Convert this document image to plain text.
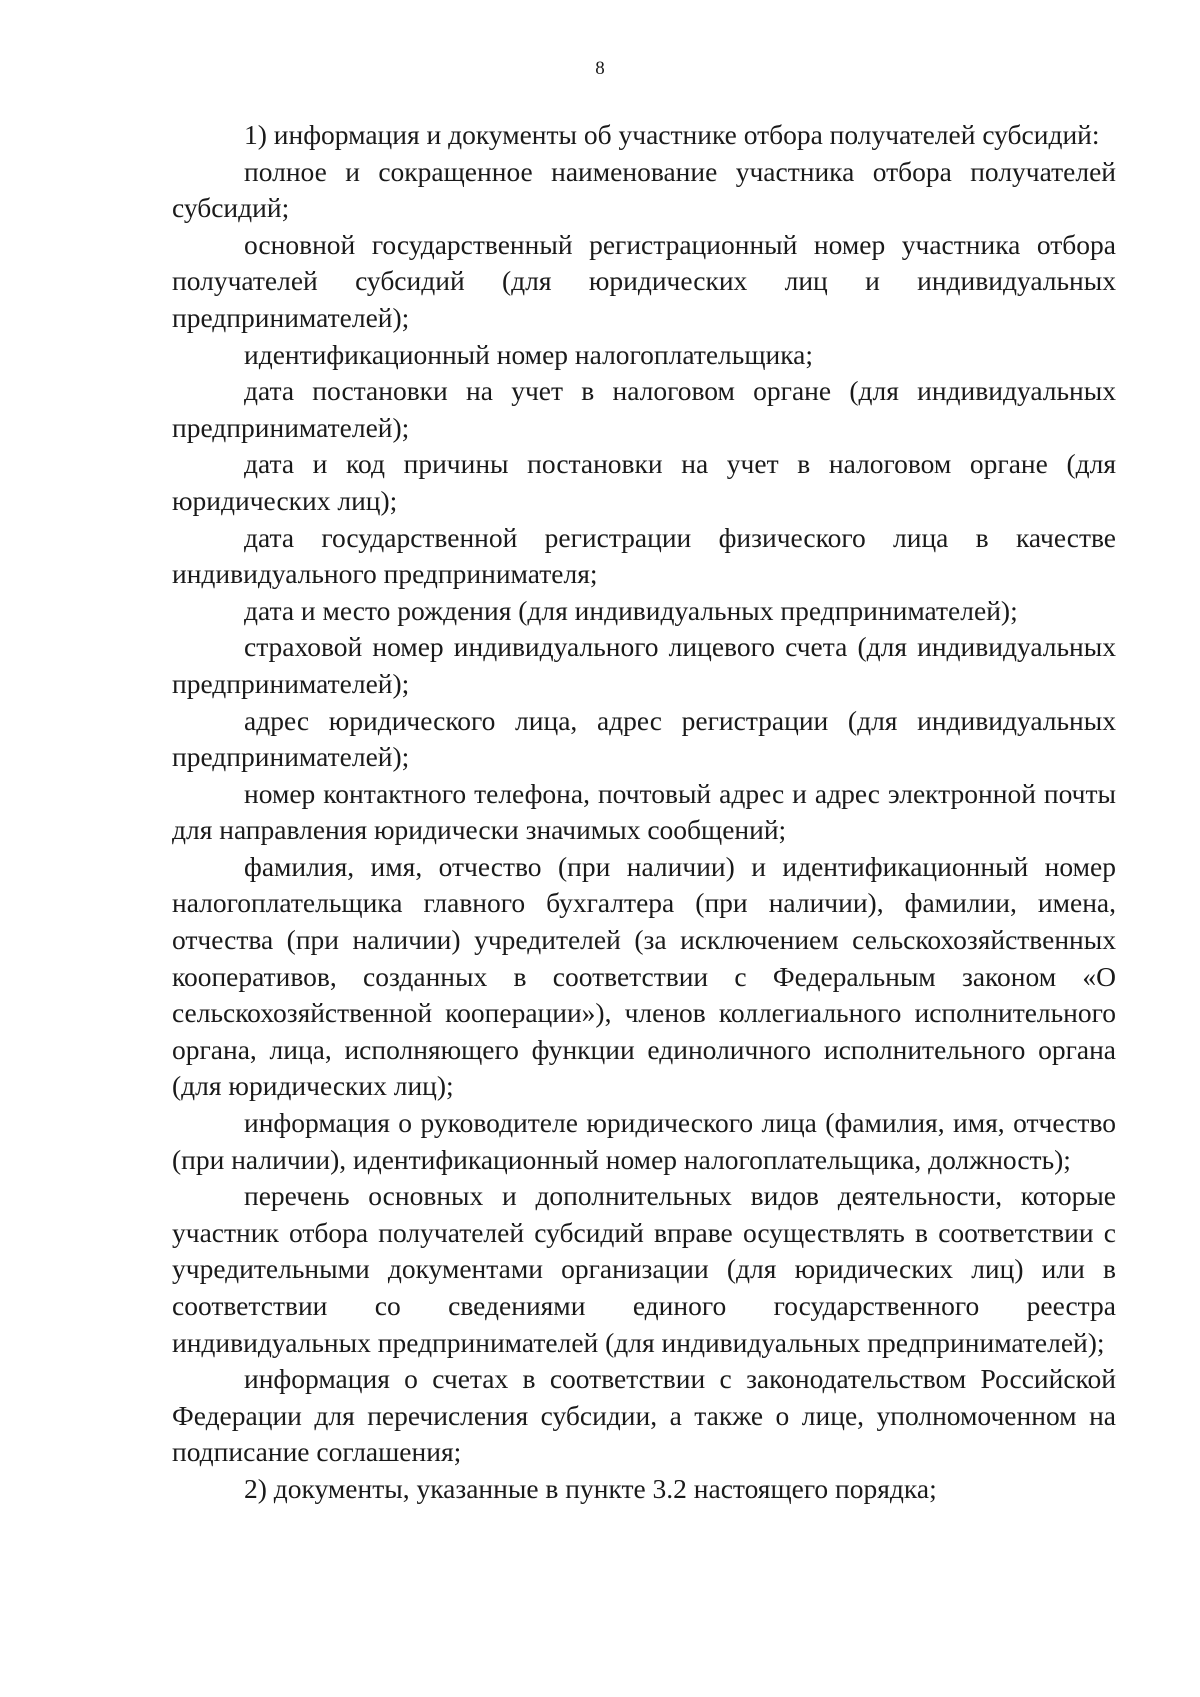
8

1) информация и документы об участнике отбора получателей субсидий:

полное и сокращенное наименование участника отбора получателей субсидий;

основной государственный регистрационный номер участника отбора получателей субсидий (для юридических лиц и индивидуальных предпринимателей);

идентификационный номер налогоплательщика;

дата постановки на учет в налоговом органе (для индивидуальных предпринимателей);

дата и код причины постановки на учет в налоговом органе (для юридических лиц);

дата государственной регистрации физического лица в качестве индивидуального предпринимателя;

дата и место рождения (для индивидуальных предпринимателей);

страховой номер индивидуального лицевого счета (для индивидуальных предпринимателей);

адрес юридического лица, адрес регистрации (для индивидуальных предпринимателей);

номер контактного телефона, почтовый адрес и адрес электронной почты для направления юридически значимых сообщений;

фамилия, имя, отчество (при наличии) и идентификационный номер налогоплательщика главного бухгалтера (при наличии), фамилии, имена, отчества (при наличии) учредителей (за исключением сельскохозяйственных кооперативов, созданных в соответствии с Федеральным законом «О сельскохозяйственной кооперации»), членов коллегиального исполнительного органа, лица, исполняющего функции единоличного исполнительного органа (для юридических лиц);

информация о руководителе юридического лица (фамилия, имя, отчество (при наличии), идентификационный номер налогоплательщика, должность);

перечень основных и дополнительных видов деятельности, которые участник отбора получателей субсидий вправе осуществлять в соответствии с учредительными документами организации (для юридических лиц) или в соответствии со сведениями единого государственного реестра индивидуальных предпринимателей (для индивидуальных предпринимателей);

информация о счетах в соответствии с законодательством Российской Федерации для перечисления субсидии, а также о лице, уполномоченном на подписание соглашения;

2) документы, указанные в пункте 3.2 настоящего порядка;
